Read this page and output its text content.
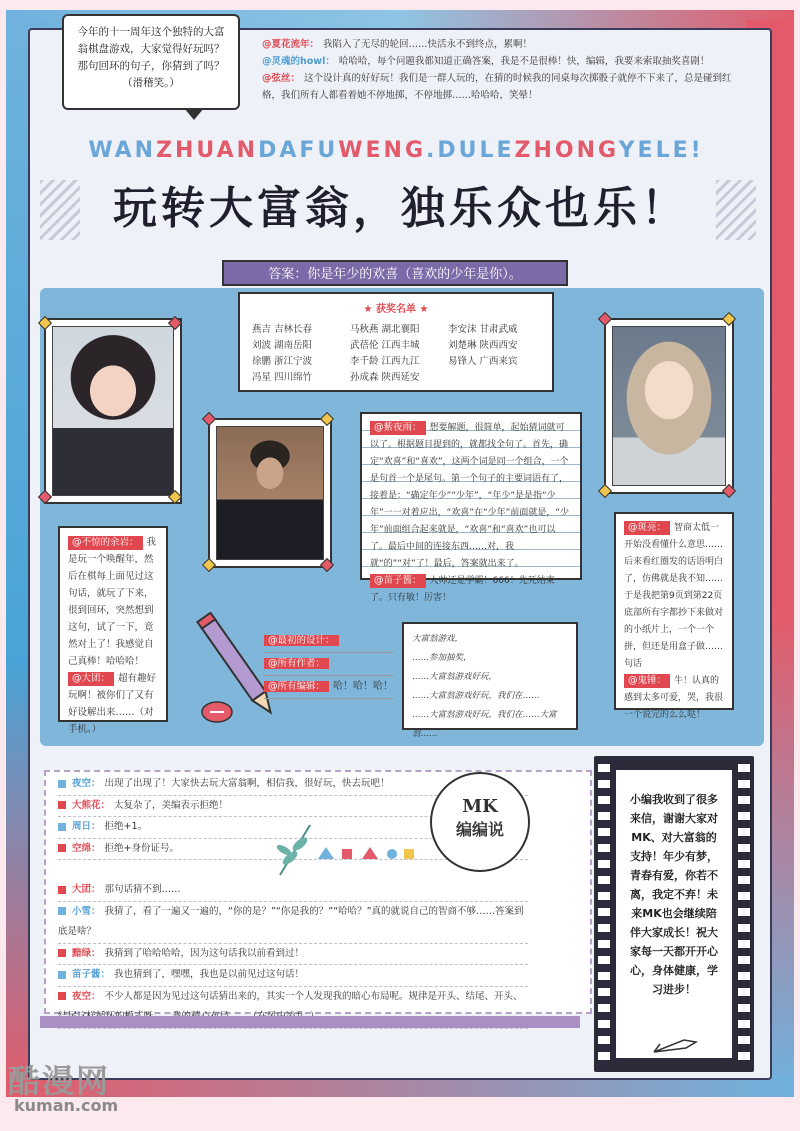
今年的十一周年这个独特的大富翁棋盘游戏，大家觉得好玩吗？那句回环的句子，你猜到了吗？（滑稽笑。）
@夏花流年： 我陷入了无尽的轮回……快活永不到终点，累啊！
@灵魂的howl： 哈哈哈，每个问题我都知道正确答案，我是不是很棒！快，编辑，我要来索取抽奖喜剧！
@弦丝： 这个设计真的好好玩！我们是一群人玩的，在猜的时候我的同桌每次掷骰子就停不下来了，总是碰到红格，我们所有人都看着她不停地掷，不停地掷……哈哈哈，笑晕！
WANZHUANDAFUWENG.DULEZHONGYELE!
玩转大富翁，独乐众也乐！
答案：你是年少的欢喜（喜欢的少年是你）。
★ 获奖名单 ★
燕吉 吉林长春	马秋燕 湖北襄阳	李安沫 甘肃武威
刘波 湖南岳阳	武蓓伦 江西丰城	刘楚琳 陕西西安
徐鹏 浙江宁波	李千龄 江西九江	易锋人 广西来宾
冯星 四川绵竹	孙成森 陕西延安
@不惊的余岩： 我是玩一个唤醒年，然后在棋每上面见过这句话，就玩了下来，很到回环，突然想到这句，试了一下，竟然对上了！我感觉自己真棒！哈哈哈！
@大团： 超有趣好玩啊！被你们了又有好设解出来……（对手机。）
@紫夜雨： 想要解题，很简单，起始猜词就可以了。根据题目提到的，就都找全句了。首先，确定“欢喜”和“喜欢”，这两个词是同一个组合，一个是句首一个是尾句。第一个句子的主要词语有了，接着是：“确定年少”“少年”，“年少”是是指“少年”一一对着应出，“欢喜”在“少年”前面就是，“少年”前面组合起来就是，“欢喜”和“喜欢”也可以了。最后中间的连接东西……对，我就“的”“对”了！最后，答案就出来了。
@苗子酱： 人帅还是学霸！666！先死结束了。只有敏！厉害！
@斑亮： 智商太低一开始没看懂什么意思……后来看红圈发的话语明白了，仿佛就是我不知……于是我把第9页到第22页底部所有字都抄下来做对的小纸片上，一个一个拼，但还是用盒子做……句话
@鬼锤： 牛！认真的感到太多可爱，哭，我很一个说完的么么哒！
@最初的设计：
@所有作者：
@所有编辑： 哈！哈！哈！
大富翁游戏，
……参加抽奖，
……大富翁游戏好玩，
……大富翁游戏好玩，我们在……
……大富翁游戏好玩，我们在……大富翁……
夜空： 出现了出现了！大家快去玩大富翁啊，相信我，很好玩，快去玩吧！
大熊花： 太复杂了，美编表示拒绝！
周日： 拒绝+1。
空绵： 拒绝+身份证号。
大团： 那句话猜不到……
小雪： 我猜了，看了一遍又一遍的，“你的是？”“你是我的？”“哈哈？”真的就说自己的智商不够……答案到底是啥？
黯绿： 我猜到了哈哈哈哈，因为这句话我以前看到过！
苗子酱： 我也猜到了，嘿嘿，我也是以前见过这句话！
夜空： 不少人都是因为见过这句话猜出来的，其实一个人发现我的暗心布局呢。规律是开头、结尾、开头、
MK
编编说
小编我收到了很多来信，谢谢大家对MK、对大富翁的支持！年少有梦，青春有爱，你若不离，我定不弃！未来MK也会继续陪伴大家成长！祝大家每一天都开开心心，身体健康，学习进步！
酷漫网
kuman.com
